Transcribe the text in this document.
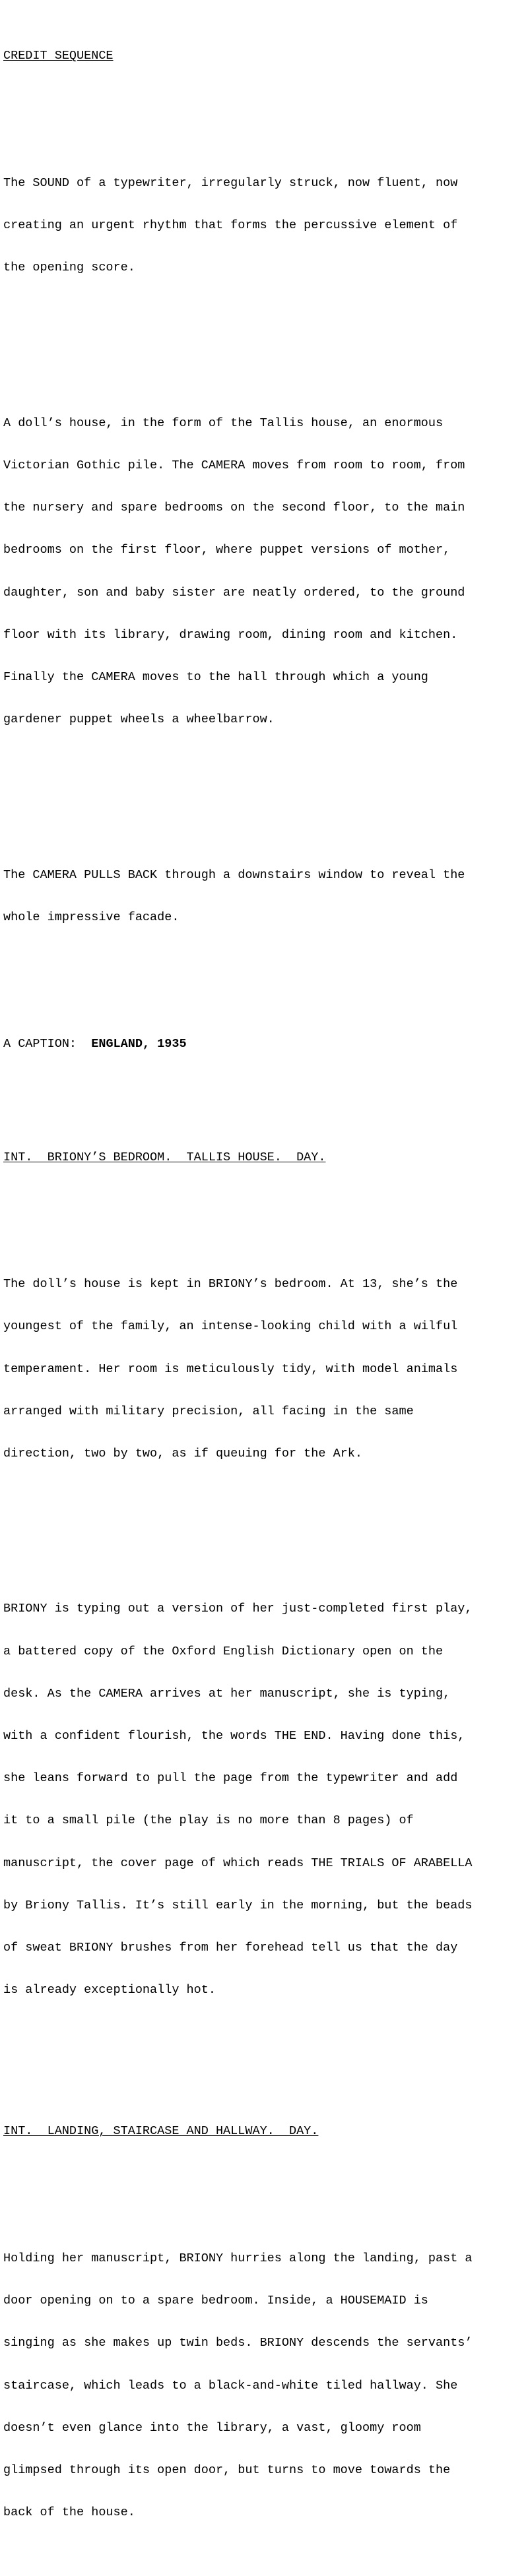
CREDIT SEQUENCE

The SOUND of a typewriter, irregularly struck, now fluent, now

creating an urgent rhythm that forms the percussive element of

the opening score.

A doll’s house, in the form of the Tallis house, an enormous

Victorian Gothic pile. The CAMERA moves from room to room, from

the nursery and spare bedrooms on the second floor, to the main

bedrooms on the first floor, where puppet versions of mother,

daughter, son and baby sister are neatly ordered, to the ground

floor with its library, drawing room, dining room and kitchen.

Finally the CAMERA moves to the hall through which a young

gardener puppet wheels a wheelbarrow.

The CAMERA PULLS BACK through a downstairs window to reveal the

whole impressive facade.

A CAPTION:  ENGLAND, 1935

INT.  BRIONY’S BEDROOM.  TALLIS HOUSE.  DAY.

The doll’s house is kept in BRIONY’s bedroom. At 13, she’s the

youngest of the family, an intense-looking child with a wilful

temperament. Her room is meticulously tidy, with model animals

arranged with military precision, all facing in the same

direction, two by two, as if queuing for the Ark.

BRIONY is typing out a version of her just-completed first play,

a battered copy of the Oxford English Dictionary open on the

desk. As the CAMERA arrives at her manuscript, she is typing,

with a confident flourish, the words THE END. Having done this,

she leans forward to pull the page from the typewriter and add

it to a small pile (the play is no more than 8 pages) of

manuscript, the cover page of which reads THE TRIALS OF ARABELLA

by Briony Tallis. It’s still early in the morning, but the beads

of sweat BRIONY brushes from her forehead tell us that the day

is already exceptionally hot.

INT.  LANDING, STAIRCASE AND HALLWAY.  DAY.

Holding her manuscript, BRIONY hurries along the landing, past a

door opening on to a spare bedroom. Inside, a HOUSEMAID is

singing as she makes up twin beds. BRIONY descends the servants’

staircase, which leads to a black-and-white tiled hallway. She

doesn’t even glance into the library, a vast, gloomy room

glimpsed through its open door, but turns to move towards the

back of the house.
